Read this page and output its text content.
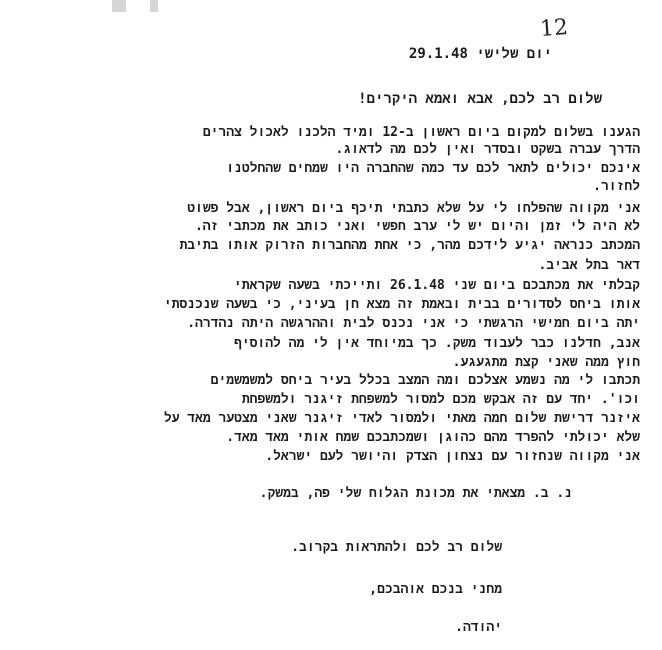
12
יום שלישי 29.1.48
שלום רב לכם, אבא ואמא היקרים!
הגענו בשלום למקום ביום ראשון ב-12 ומיד הלכנו לאכול צהרים
הדרך עברה בשקט ובסדר ואין לכם מה לדאוג.
אינכם יכולים לתאר לכם עד כמה שהחברה היו שמחים שהחלטנו
לחזור.
אני מקווה שהפלחו לי על שלא כתבתי תיכף ביום ראשון, אבל פשוט
לא היה לי זמן והיום יש לי ערב חפשי ואני כותב את מכתבי זה.
המכתב כנראה יגיע לידכם מהר, כי אחת מהחברות הזרוק אותו בתיבת
דאר בתל אביב.
קבלתי את מכתבכם ביום שני 26.1.48 ותייכתי בשעה שקראתי
אותו ביחס לסדורים בבית ובאמת זה מצא חן בעיני, כי בשעה שנכנסתי
יתה ביום חמישי הרגשתי כי אני נכנס לבית וההרגשה היתה נהדרה.
אנב, חדלנו כבר לעבוד משק. כך במיוחד אין לי מה להוסיף
חוץ ממה שאני קצת מתגעגע.
תכתבו לי מה נשמע אצלכם ומה המצב בכלל בעיר ביחס למשמשמים
וכו'. יחד עם זה אבקש מכם למסור למשפחת זיגנר ולמשפחת
איזנר דרישת שלום חמה מאתי ולמסור לאדי זיגנר שאני מצטער מאד על
שלא יכולתי להפרד מהם כהוגן ושמכתבכם שמח אותי מאד מאד.
אני מקווה שנחזור עם נצחון הצדק והיושר לעם ישראל.
נ. ב. מצאתי את מכונת הגלוח שלי פה, במשק.
שלום רב לכם ולהתראות בקרוב.
מחני בנכם אוהבכם,
יהודה.
